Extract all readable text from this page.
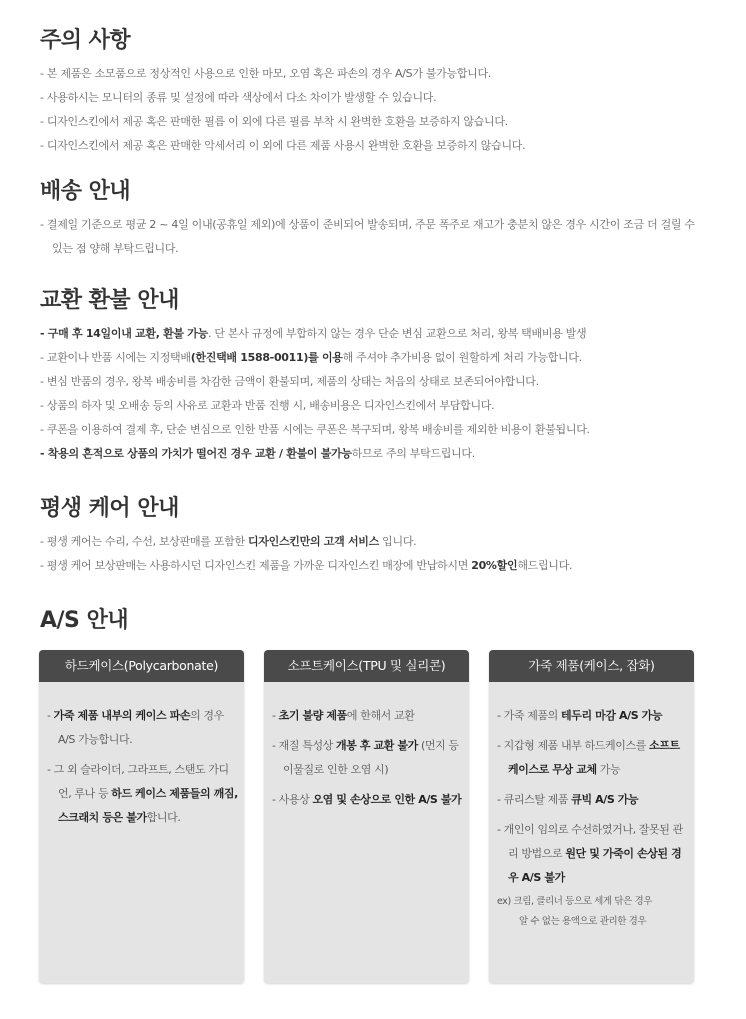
주의 사항
- 본 제품은 소모품으로 정상적인 사용으로 인한 마모, 오염 혹은 파손의 경우 A/S가 불가능합니다.
- 사용하시는 모니터의 종류 및 설정에 따라 색상에서 다소 차이가 발생할 수 있습니다.
- 디자인스킨에서 제공 혹은 판매한 필름 이 외에 다른 필름 부착 시 완벽한 호환을 보증하지 않습니다.
- 디자인스킨에서 제공 혹은 판매한 악세서리 이 외에 다른 제품 사용시 완벽한 호환을 보증하지 않습니다.
배송 안내
- 결제일 기준으로 평균 2 ~ 4일 이내(공휴일 제외)에 상품이 준비되어 발송되며, 주문 폭주로 재고가 충분치 않은 경우 시간이 조금 더 걸릴 수 있는 점 양해 부탁드립니다.
교환 환불 안내
- 구매 후 14일이내 교환, 환불 가능. 단 본사 규정에 부합하지 않는 경우 단순 변심 교환으로 처리, 왕복 택배비용 발생
- 교환이나 반품 시에는 지정택배(한진택배 1588-0011)를 이용해 주셔야 추가비용 없이 원할하게 처리 가능합니다.
- 변심 반품의 경우, 왕복 배송비를 차감한 금액이 환불되며, 제품의 상태는 처음의 상태로 보존되어야합니다.
- 상품의 하자 및 오배송 등의 사유로 교환과 반품 진행 시, 배송비용은 디자인스킨에서 부담합니다.
- 쿠폰을 이용하여 결제 후, 단순 변심으로 인한 반품 시에는 쿠폰은 복구되며, 왕복 배송비를 제외한 비용이 환불됩니다.
- 착용의 흔적으로 상품의 가치가 떨어진 경우 교환 / 환불이 불가능하므로 주의 부탁드립니다.
평생 케어 안내
- 평생 케어는 수리, 수선, 보상판매를 포함한 디자인스킨만의 고객 서비스 입니다.
- 평생 케어 보상판매는 사용하시던 디자인스킨 제품을 가까운 디자인스킨 매장에 반납하시면 20%할인해드립니다.
A/S 안내
하드케이스(Polycarbonate)
- 가죽 제품 내부의 케이스 파손의 경우 A/S 가능합니다.
- 그 외 슬라이더, 그라프트, 스탠도 가디언, 루나 등 하드 케이스 제품들의 깨짐, 스크래치 등은 불가합니다.
소프트케이스(TPU 및 실리콘)
- 초기 불량 제품에 한해서 교환
- 재질 특성상 개봉 후 교환 불가 (먼지 등 이물질로 인한 오염 시)
- 사용상 오염 및 손상으로 인한 A/S 불가
가죽 제품(케이스, 잡화)
- 가죽 제품의 테두리 마감 A/S 가능
- 지갑형 제품 내부 하드케이스를 소프트 케이스로 무상 교체 가능
- 큐리스탈 제품 큐빅 A/S 가능
- 개인이 임의로 수선하였거나, 잘못된 관리 방법으로 원단 및 가죽이 손상된 경우 A/S 불가
ex) 크림, 클리너 등으로 세게 닦은 경우
알 수 없는 용액으로 관리한 경우
